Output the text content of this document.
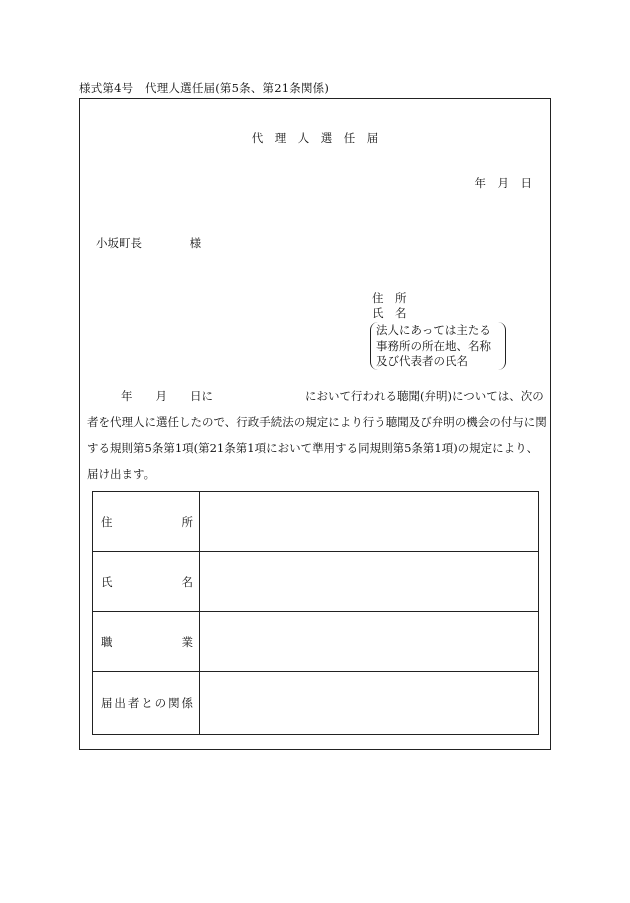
様式第4号　代理人選任届(第5条、第21条関係)
代　理　人　選　任　届
年　月　日
小坂町長	様
住　所
氏　名
法人にあっては主たる
事務所の所在地、名称
及び代表者の氏名

年　　月　　日に　　　　　　　　において行われる聴聞(弁明)については、次の

者を代理人に選任したので、行政手続法の規定により行う聴聞及び弁明の機会の付与に関する規則第5条第1項(第21条第1項において準用する同規則第5条第1項)の規定により、届け出ます。

住所
氏名
職業
届出者との関係
